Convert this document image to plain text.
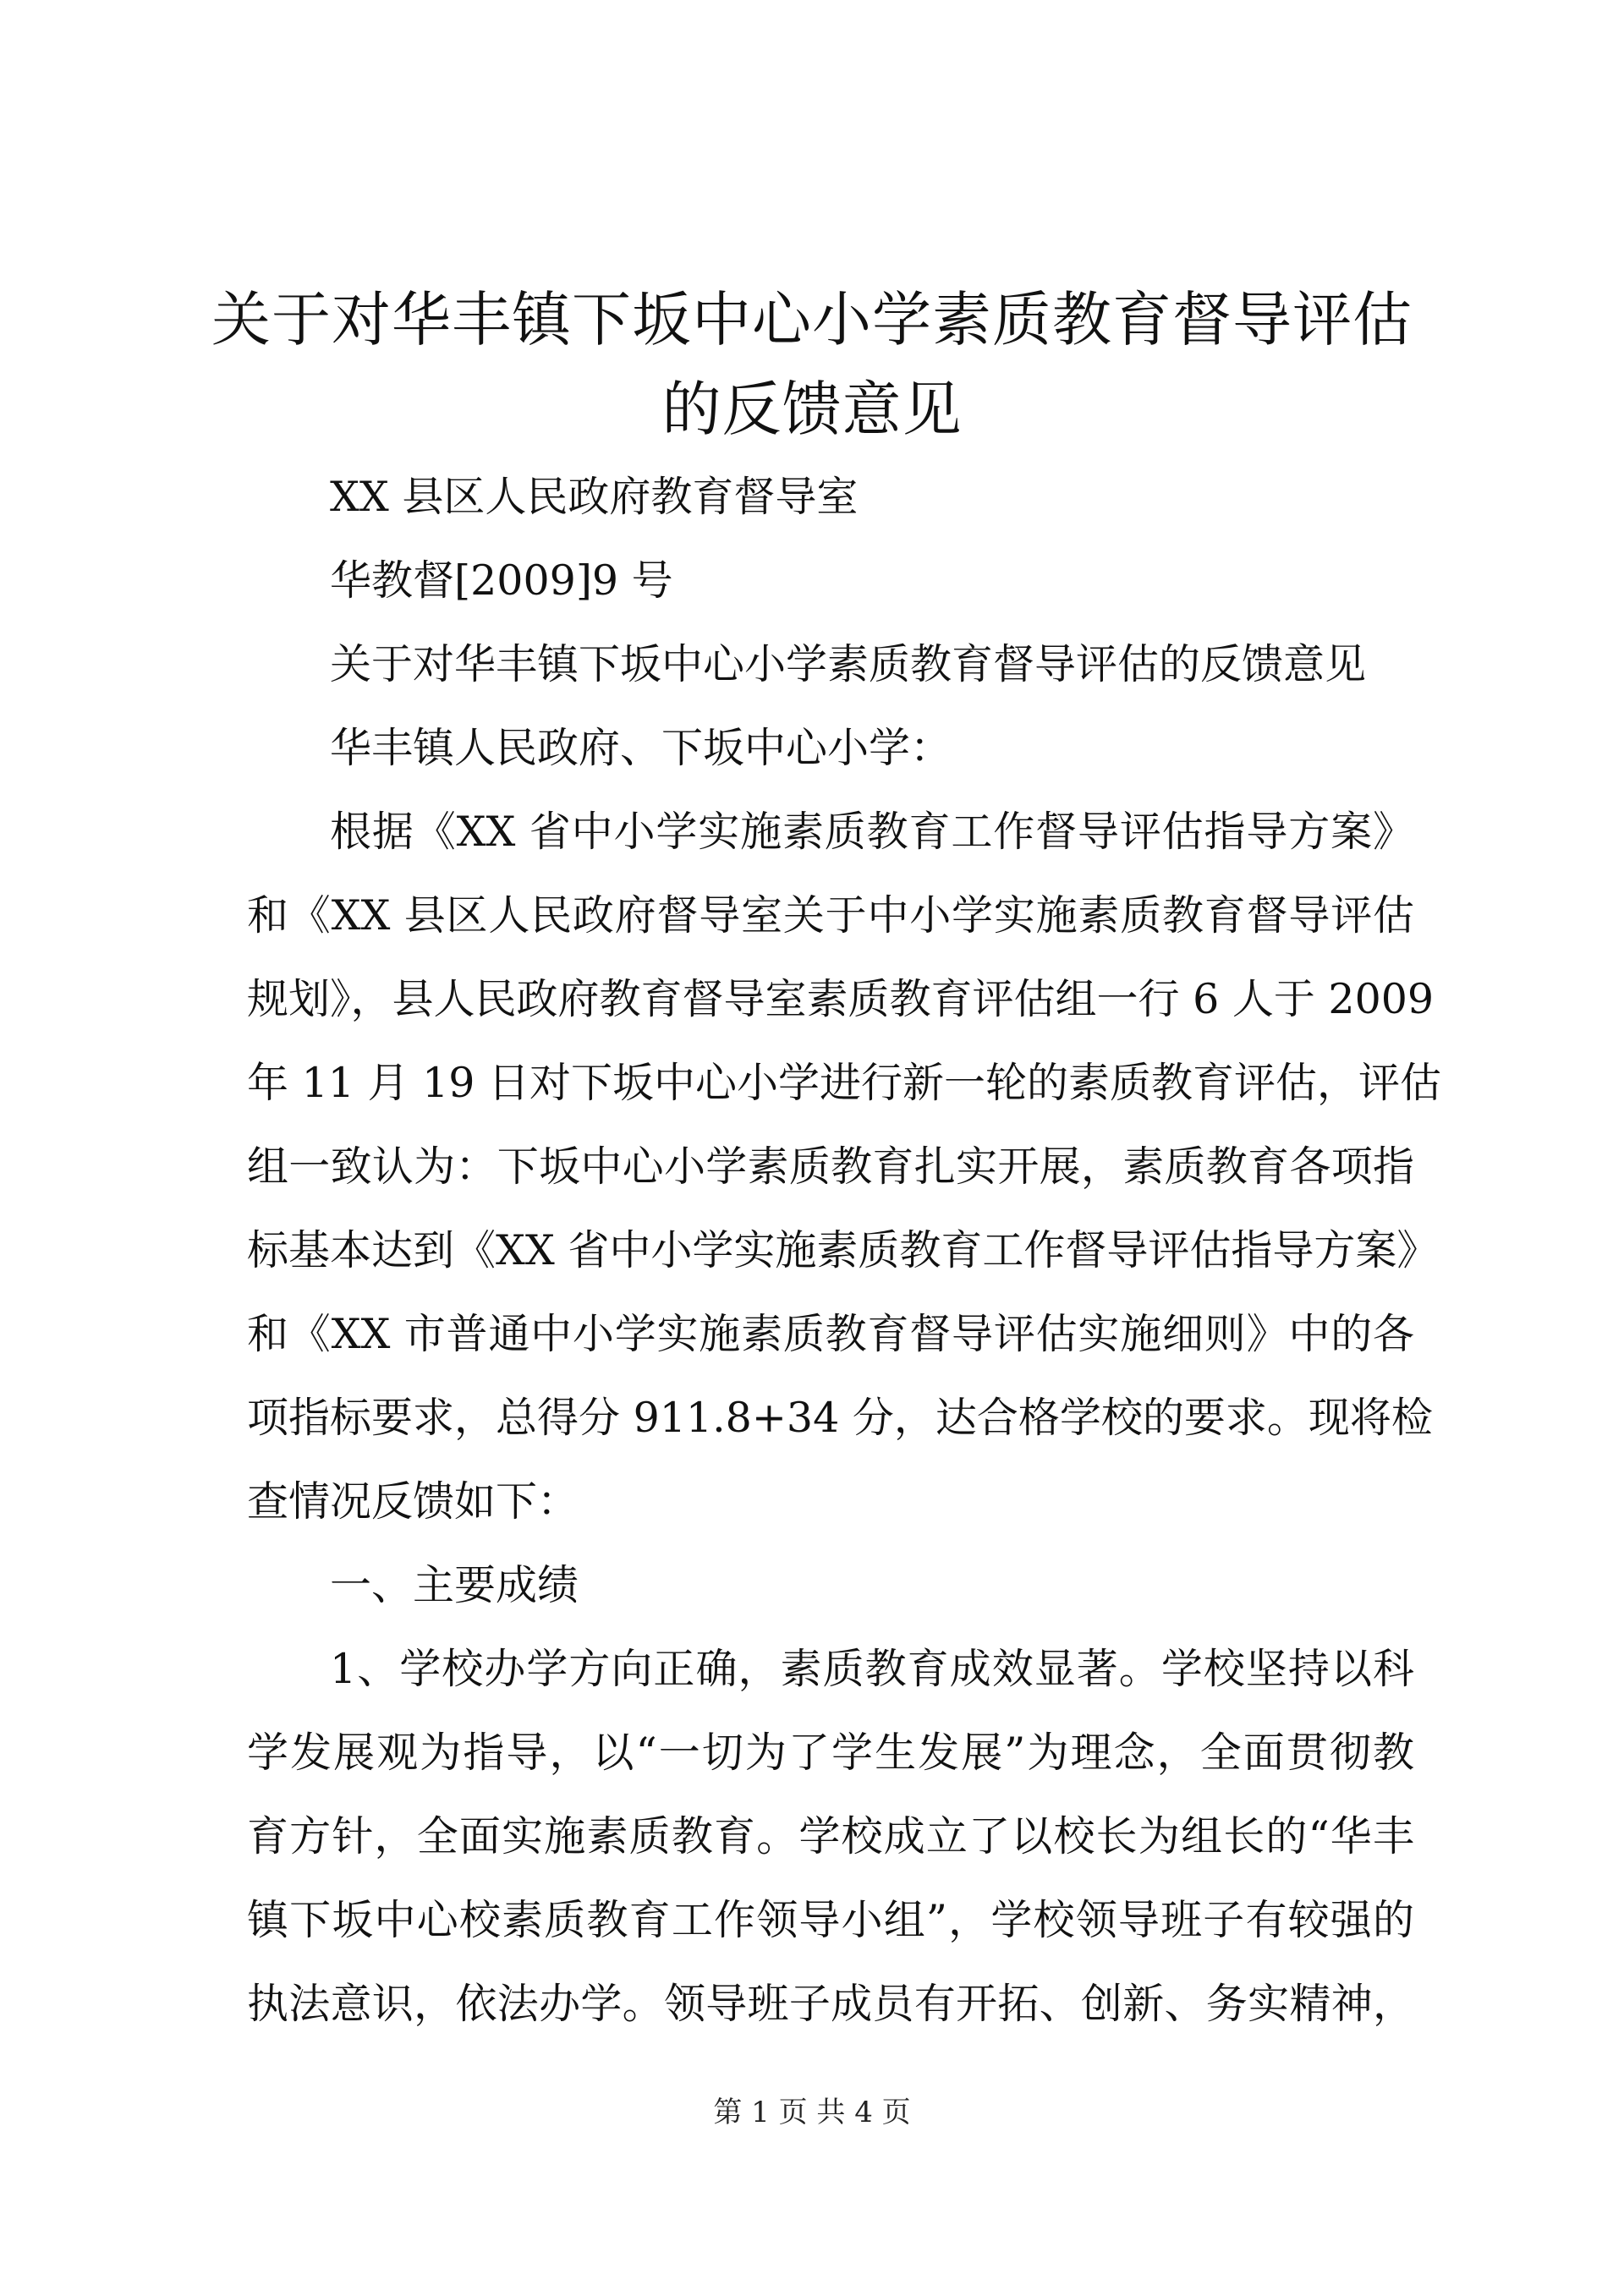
关于对华丰镇下坂中心小学素质教育督导评估
的反馈意见
XX 县区人民政府教育督导室
华教督[2009]9 号
关于对华丰镇下坂中心小学素质教育督导评估的反馈意见
华丰镇人民政府、下坂中心小学：
根据《XX 省中小学实施素质教育工作督导评估指导方案》
和《XX 县区人民政府督导室关于中小学实施素质教育督导评估
规划》，县人民政府教育督导室素质教育评估组一行 6 人于 2009
年 11 月 19 日对下坂中心小学进行新一轮的素质教育评估，评估
组一致认为：下坂中心小学素质教育扎实开展，素质教育各项指
标基本达到《XX 省中小学实施素质教育工作督导评估指导方案》
和《XX 市普通中小学实施素质教育督导评估实施细则》中的各
项指标要求，总得分 911.8+34 分，达合格学校的要求。现将检
查情况反馈如下：
一、主要成绩
1、学校办学方向正确，素质教育成效显著。学校坚持以科
学发展观为指导，以“一切为了学生发展”为理念，全面贯彻教
育方针，全面实施素质教育。学校成立了以校长为组长的“华丰
镇下坂中心校素质教育工作领导小组”，学校领导班子有较强的
执法意识，依法办学。领导班子成员有开拓、创新、务实精神，
第 1 页 共 4 页
